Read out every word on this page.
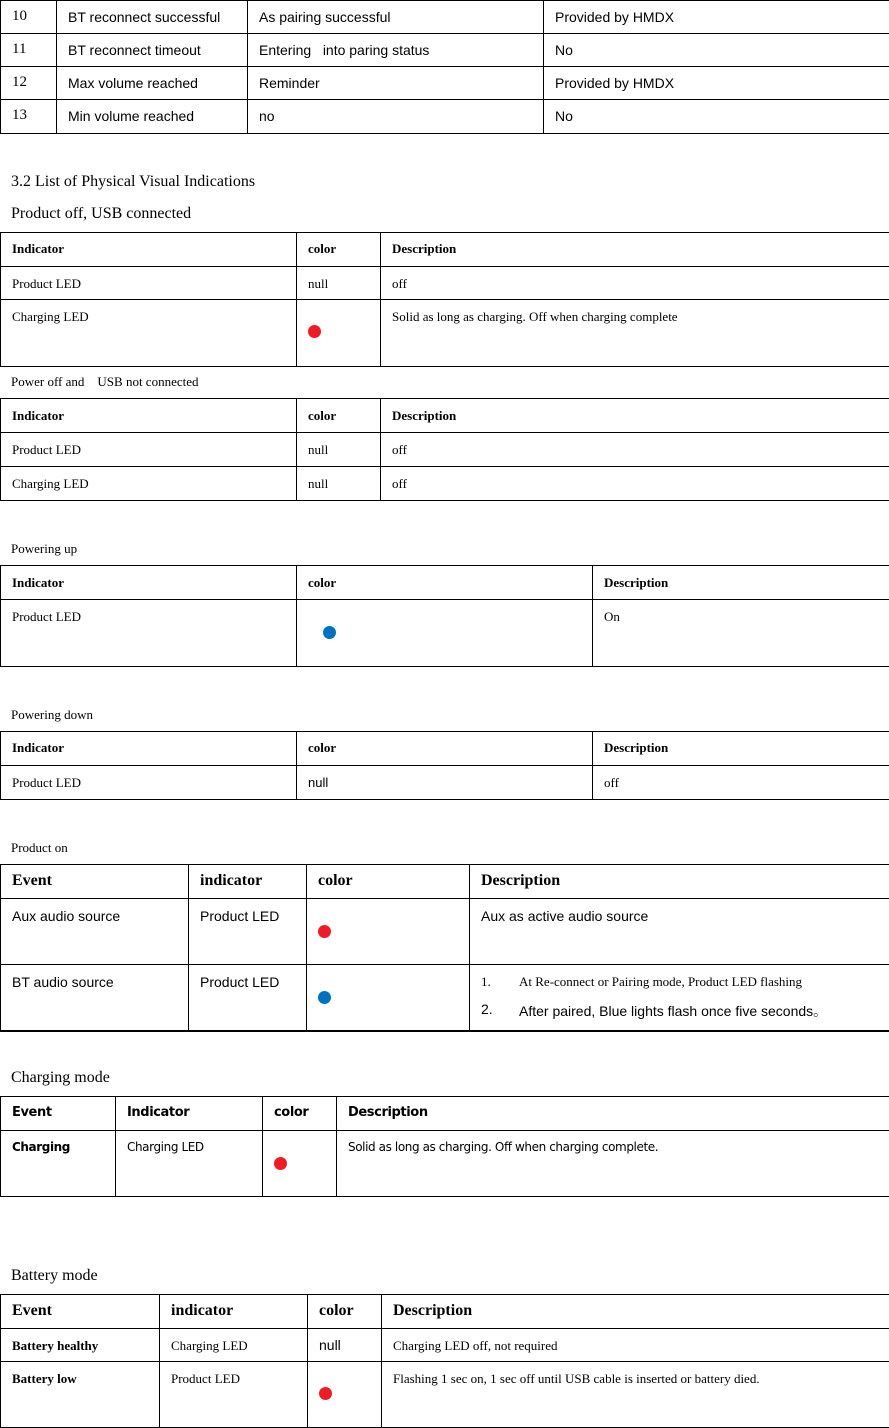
10	BT reconnect successful	As pairing successful	Provided by HMDX
11	BT reconnect timeout	Entering   into paring status	No
12	Max volume reached	Reminder	Provided by HMDX
13	Min volume reached	no	No
3.2 List of Physical Visual Indications
Product off, USB connected
Indicator	color	Description
Product LED	null	off
Charging LED		Solid as long as charging. Off when charging complete
Power off and    USB not connected
Indicator	color	Description
Product LED	null	off
Charging LED	null	off
Powering up
Indicator	color	Description
Product LED		On
Powering down
Indicator	color	Description
Product LED	null	off
Product on
Event	indicator	color	Description
Aux audio source	Product LED		Aux as active audio source
BT audio source	Product LED		1. At Re-connect or Pairing mode, Product LED flashing
2. After paired, Blue lights flash once five seconds。
Charging mode
Event	Indicator	color	Description
Charging	Charging LED		Solid as long as charging. Off when charging complete.
Battery mode
Event	indicator	color	Description
Battery healthy	Charging LED	null	Charging LED off, not required
Battery low	Product LED		Flashing 1 sec on, 1 sec off until USB cable is inserted or battery died.
